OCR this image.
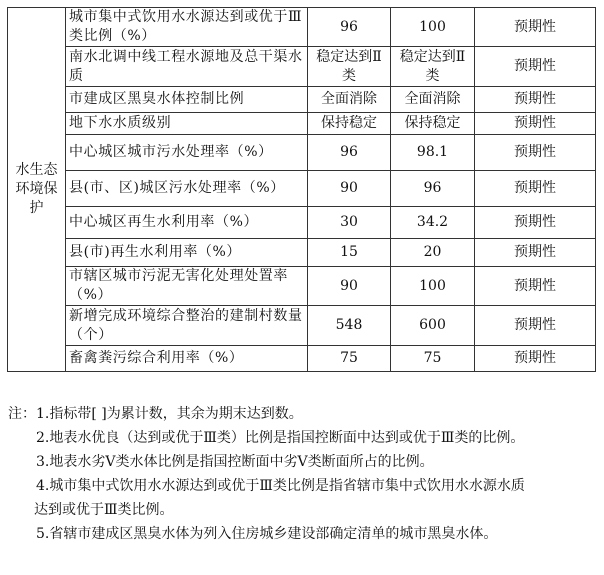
水生态环境保护	城市集中式饮用水水源达到或优于Ⅲ类比例（%）	96	100	预期性
	南水北调中线工程水源地及总干渠水质	稳定达到Ⅱ类	稳定达到Ⅱ类	预期性
	市建成区黑臭水体控制比例	全面消除	全面消除	预期性
	地下水水质级别	保持稳定	保持稳定	预期性
	中心城区城市污水处理率（%）	96	98.1	预期性
	县(市、区)城区污水处理率（%）	90	96	预期性
	中心城区再生水利用率（%）	30	34.2	预期性
	县(市)再生水利用率（%）	15	20	预期性
	市辖区城市污泥无害化处理处置率（%）	90	100	预期性
	新增完成环境综合整治的建制村数量（个）	548	600	预期性
	畜禽粪污综合利用率（%）	75	75	预期性
注：1.指标带[ ]为累计数，其余为期末达到数。
2.地表水优良（达到或优于Ⅲ类）比例是指国控断面中达到或优于Ⅲ类的比例。
3.地表水劣Ⅴ类水体比例是指国控断面中劣Ⅴ类断面所占的比例。
4.城市集中式饮用水水源达到或优于Ⅲ类比例是指省辖市集中式饮用水水源水质
达到或优于Ⅲ类比例。
5.省辖市建成区黑臭水体为列入住房城乡建设部确定清单的城市黑臭水体。
